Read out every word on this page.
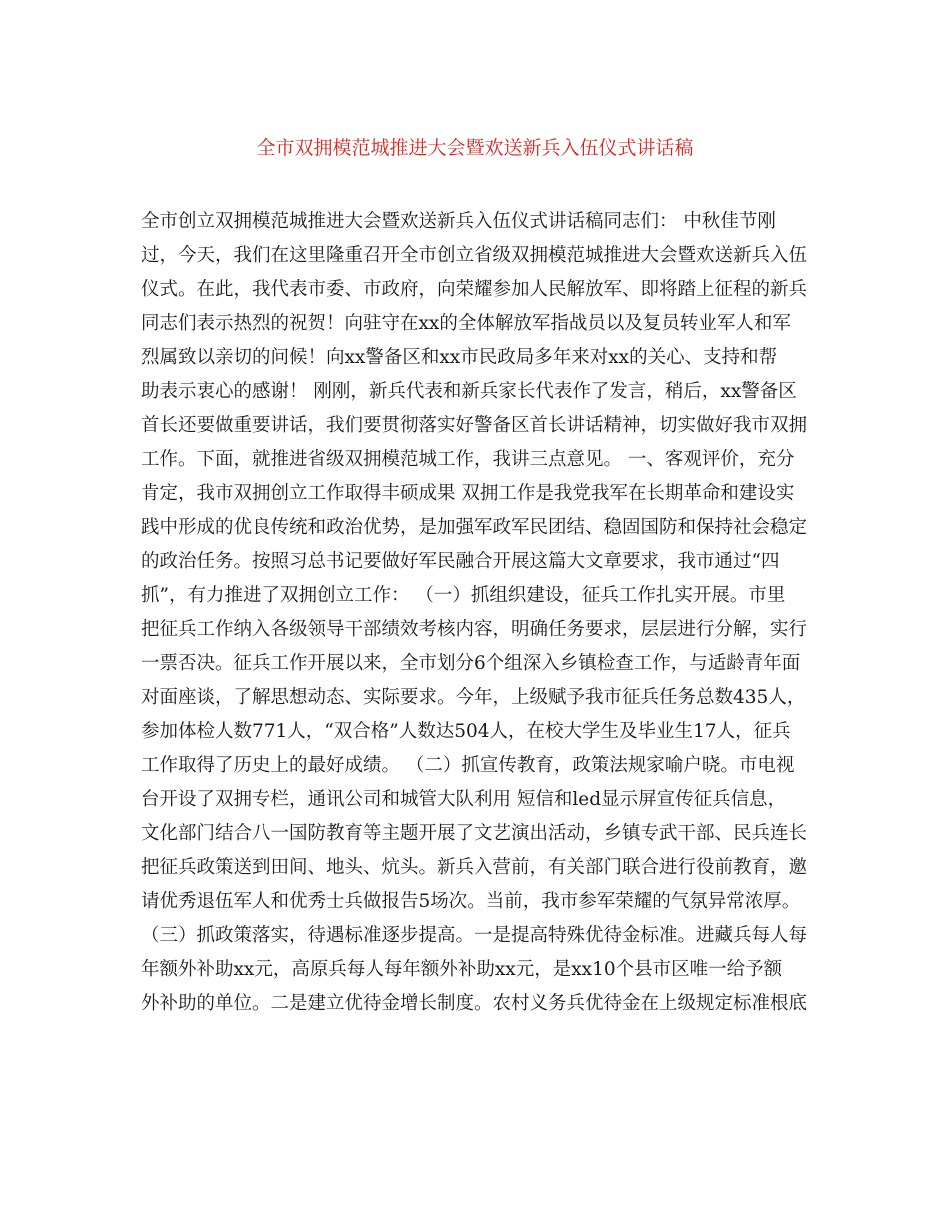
全市双拥模范城推进大会暨欢送新兵入伍仪式讲话稿
全市创立双拥模范城推进大会暨欢送新兵入伍仪式讲话稿同志们： 中秋佳节刚
过，今天，我们在这里隆重召开全市创立省级双拥模范城推进大会暨欢送新兵入伍
仪式。在此，我代表市委、市政府，向荣耀参加人民解放军、即将踏上征程的新兵
同志们表示热烈的祝贺！向驻守在xx的全体解放军指战员以及复员转业军人和军
烈属致以亲切的问候！向xx警备区和xx市民政局多年来对xx的关心、支持和帮
助表示衷心的感谢！ 刚刚，新兵代表和新兵家长代表作了发言，稍后，xx警备区
首长还要做重要讲话，我们要贯彻落实好警备区首长讲话精神，切实做好我市双拥
工作。下面，就推进省级双拥模范城工作，我讲三点意见。 一、客观评价，充分
肯定，我市双拥创立工作取得丰硕成果 双拥工作是我党我军在长期革命和建设实
践中形成的优良传统和政治优势，是加强军政军民团结、稳固国防和保持社会稳定
的政治任务。按照习总书记要做好军民融合开展这篇大文章要求，我市通过“四
抓”，有力推进了双拥创立工作： （一）抓组织建设，征兵工作扎实开展。市里
把征兵工作纳入各级领导干部绩效考核内容，明确任务要求，层层进行分解，实行
一票否决。征兵工作开展以来，全市划分6个组深入乡镇检查工作，与适龄青年面
对面座谈，了解思想动态、实际要求。今年，上级赋予我市征兵任务总数435人，
参加体检人数771人，“双合格”人数达504人，在校大学生及毕业生17人，征兵
工作取得了历史上的最好成绩。 （二）抓宣传教育，政策法规家喻户晓。市电视
台开设了双拥专栏，通讯公司和城管大队利用 短信和led显示屏宣传征兵信息，
文化部门结合八一国防教育等主题开展了文艺演出活动，乡镇专武干部、民兵连长
把征兵政策送到田间、地头、炕头。新兵入营前，有关部门联合进行役前教育，邀
请优秀退伍军人和优秀士兵做报告5场次。当前，我市参军荣耀的气氛异常浓厚。
（三）抓政策落实，待遇标准逐步提高。一是提高特殊优待金标准。进藏兵每人每
年额外补助xx元，高原兵每人每年额外补助xx元，是xx10个县市区唯一给予额
外补助的单位。二是建立优待金增长制度。农村义务兵优待金在上级规定标准根底
